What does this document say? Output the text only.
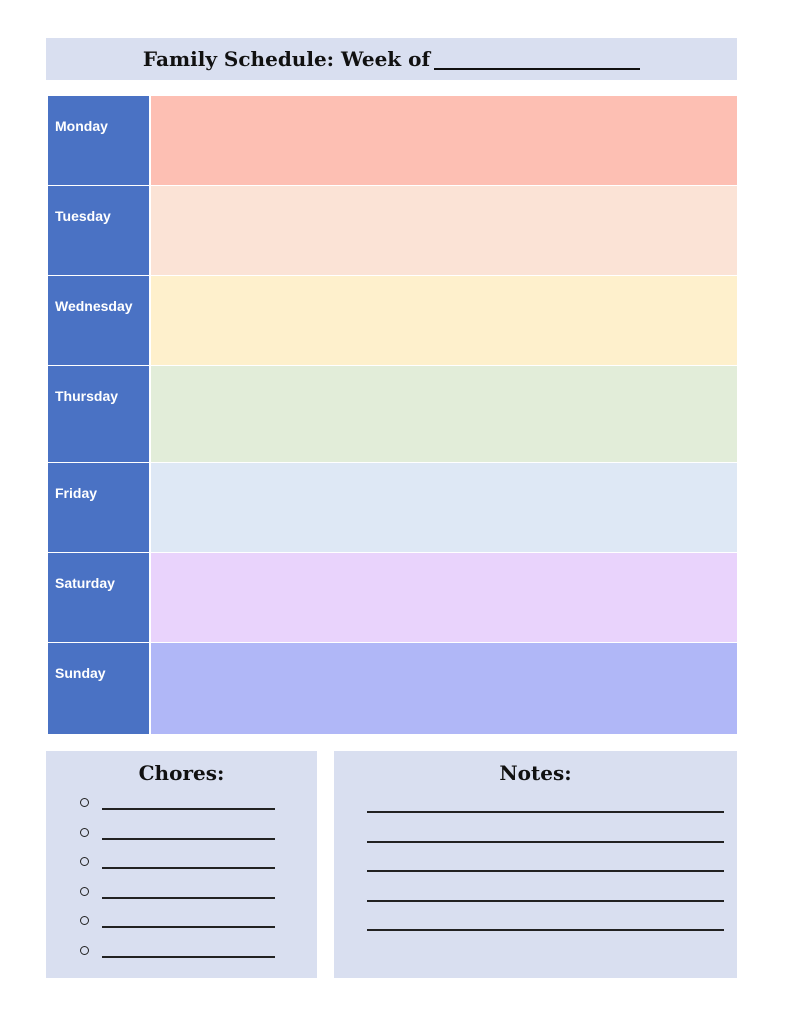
Family Schedule: Week of
Monday
Tuesday
Wednesday
Thursday
Friday
Saturday
Sunday
Chores:	Notes:
